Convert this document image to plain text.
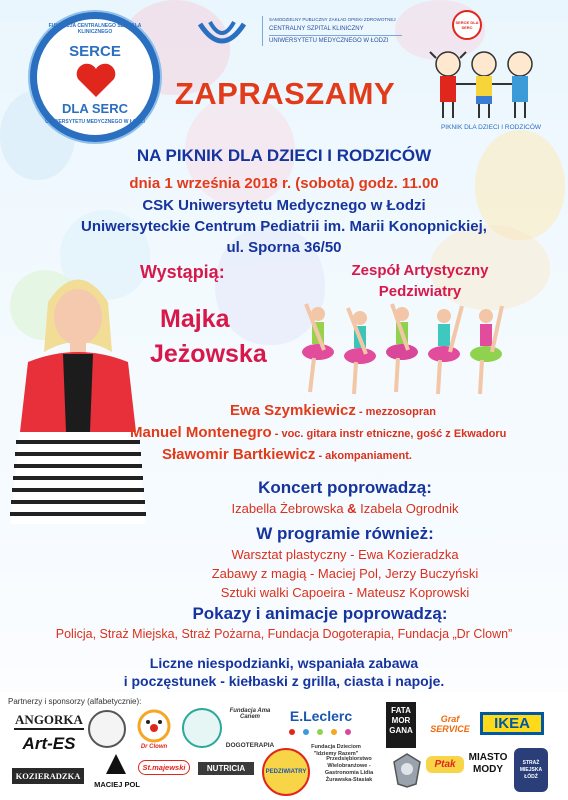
FUNDACJA CENTRALNEGO SZPITALA KLINICZNEGO
SERCE
DLA SERC
UNIWERSYTETU MEDYCZNEGO W ŁODZI
SAMODZIELNY PUBLICZNY ZAKŁAD OPIEKI ZDROWOTNEJ
CENTRALNY SZPITAL KLINICZNY
UNIWERSYTETU MEDYCZNEGO W ŁODZI
SERCE DLA SERC
PIKNIK DLA DZIECI I RODZICÓW
ZAPRASZAMY
NA PIKNIK DLA DZIECI I RODZICÓW
dnia 1 września 2018 r. (sobota) godz. 11.00
CSK Uniwersytetu Medycznego w Łodzi
Uniwersyteckie Centrum Pediatrii im. Marii Konopnickiej,
ul. Sporna 36/50
Wystąpią:	Zespół Artystyczny
Pedziwiatry
Majka
Jeżowska
Ewa Szymkiewicz - mezzosopran
Manuel Montenegro - voc. gitara instr etniczne, gość z Ekwadoru
Sławomir Bartkiewicz - akompaniament.
Koncert poprowadzą:
Izabella Żebrowska & Izabela Ogrodnik
W programie również:
Warsztat plastyczny - Ewa Kozieradzka
Zabawy z magią - Maciej Pol, Jerzy Buczyński
Sztuki walki Capoeira - Mateusz Koprowski
Pokazy i animacje poprowadzą:
Policja, Straż Miejska, Straż Pożarna, Fundacja Dogoterapia, Fundacja „Dr Clown”
Liczne niespodzianki, wspaniała zabawa
i poczęstunek - kiełbaski z grilla, ciasta i napoje.
Partnerzy i sponsorzy (alfabetycznie):
ANGORKA
Art-ES
KOZIERADZKA
Dr Clown
Fundacja Ama Canem
DOGOTERAPIA
E.Leclerc
Fundacja Dzieciom "Idziemy Razem"
FATA MOR GANA
Graf SERVICE	IKEA
MACIEJ POL
St.majewski	NUTRICIA	PEDZIWIATRY
Przedsiębiorstwo Wielobranżowe - Gastronomia Lidia Żurawska-Stasiak
Ptak
MIASTO MODY
STRAŻ MIEJSKA ŁÓDŹ
